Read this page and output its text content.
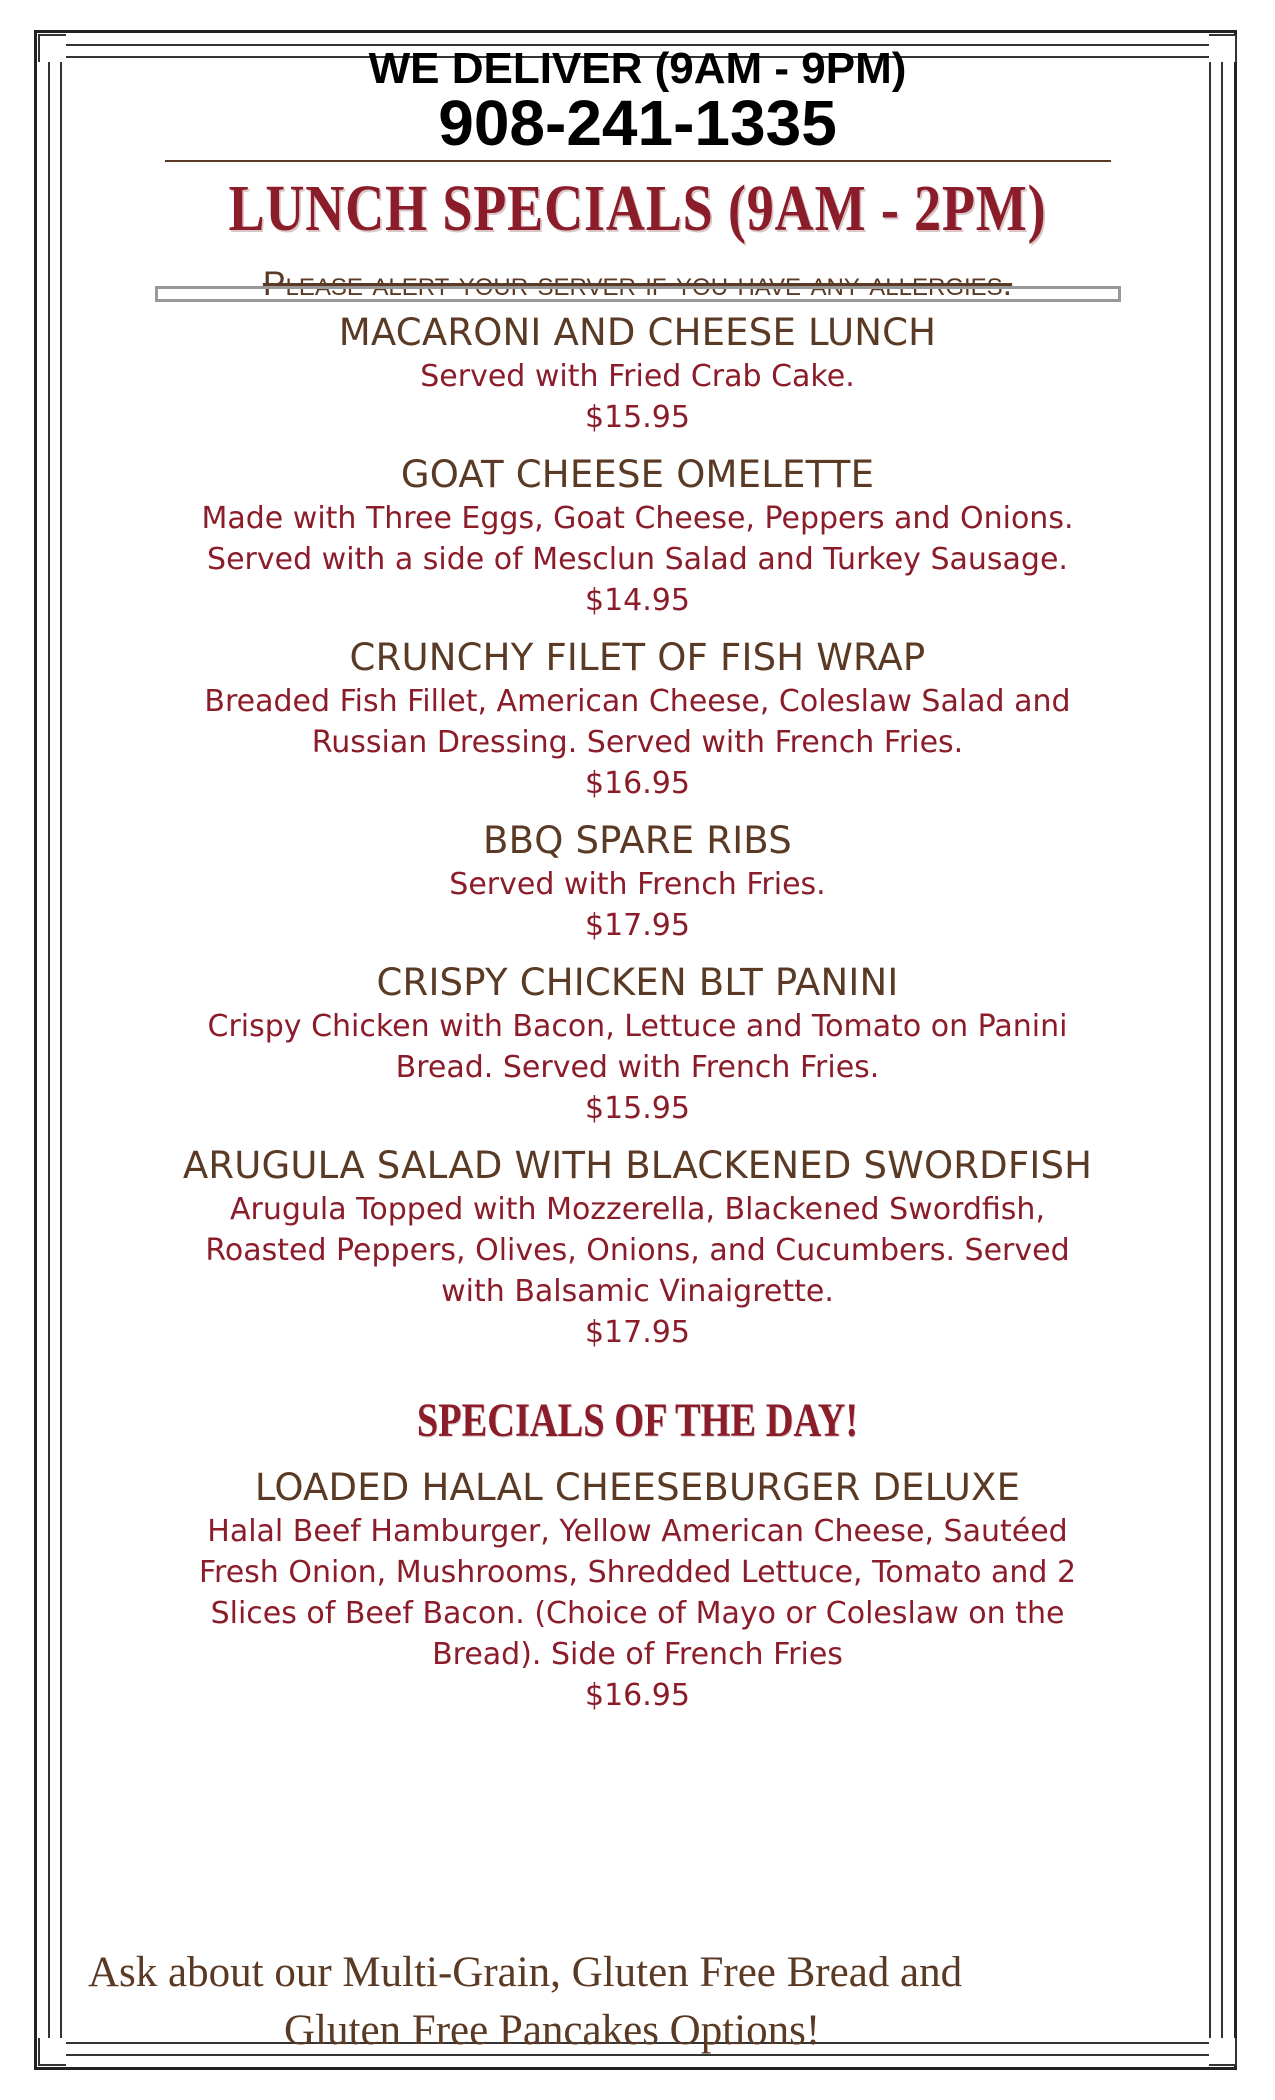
WE DELIVER (9AM - 9PM)
908-241-1335
LUNCH SPECIALS (9AM - 2PM)
Please alert your server if you have any allergies.
MACARONI AND CHEESE LUNCH
Served with Fried Crab Cake.
$15.95
GOAT CHEESE OMELETTE
Made with Three Eggs, Goat Cheese, Peppers and Onions.
Served with a side of Mesclun Salad and Turkey Sausage.
$14.95
CRUNCHY FILET OF FISH WRAP
Breaded Fish Fillet, American Cheese, Coleslaw Salad and
Russian Dressing. Served with French Fries.
$16.95
BBQ SPARE RIBS
Served with French Fries.
$17.95
CRISPY CHICKEN BLT PANINI
Crispy Chicken with Bacon, Lettuce and Tomato on Panini
Bread. Served with French Fries.
$15.95
ARUGULA SALAD WITH BLACKENED SWORDFISH
Arugula Topped with Mozzerella, Blackened Swordfish,
Roasted Peppers, Olives, Onions, and Cucumbers. Served
with Balsamic Vinaigrette.
$17.95
SPECIALS OF THE DAY!
LOADED HALAL CHEESEBURGER DELUXE
Halal Beef Hamburger, Yellow American Cheese, Sautéed
Fresh Onion, Mushrooms, Shredded Lettuce, Tomato and 2
Slices of Beef Bacon. (Choice of Mayo or Coleslaw on the
Bread). Side of French Fries
$16.95
Ask about our Multi-Grain, Gluten Free Bread and
Gluten Free Pancakes Options!
